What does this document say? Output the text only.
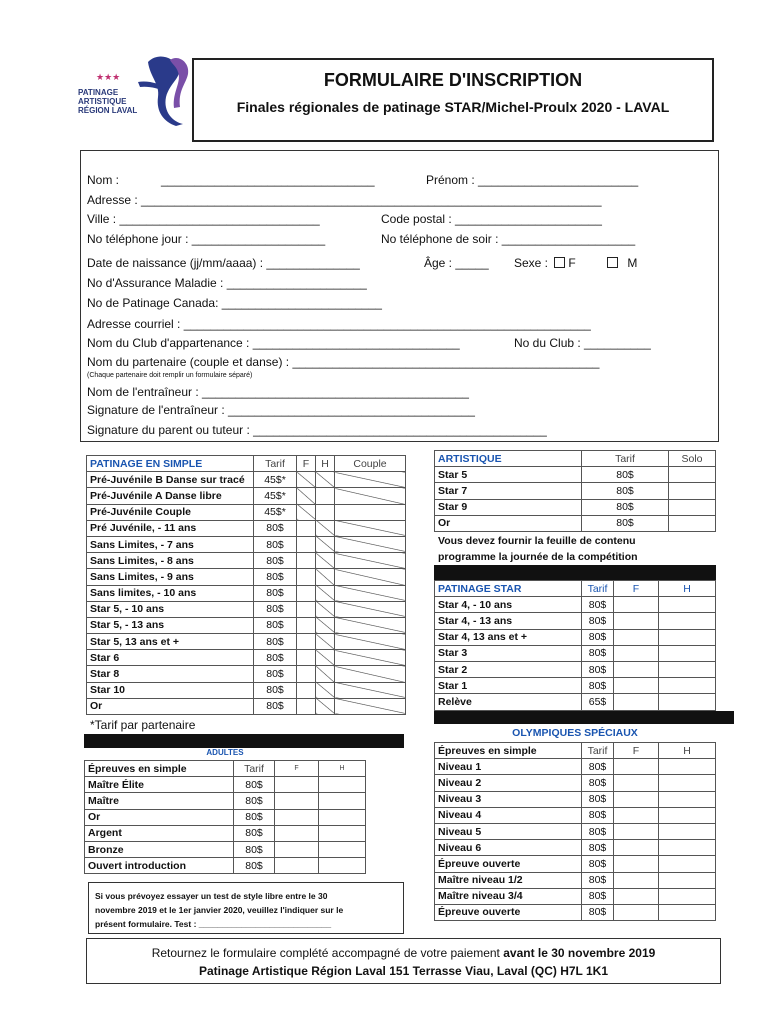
★★★
PATINAGE
ARTISTIQUE
RÉGION LAVAL
FORMULAIRE D'INSCRIPTION
Finales régionales de patinage STAR/Michel-Proulx 2020 - LAVAL
Nom :	________________________________	Prénom : ________________________
Adresse : _____________________________________________________________________
Ville : ______________________________	Code postal : ______________________
No téléphone jour : ____________________	No téléphone de soir : ____________________
Date de naissance (jj/mm/aaaa) : ______________	Âge : _____ Sexe : F	M
No d'Assurance Maladie : _____________________
No de Patinage Canada: ________________________
Adresse courriel : _____________________________________________________________
Nom du Club d'appartenance : _______________________________	No du Club : __________
Nom du partenaire (couple et danse) : ______________________________________________
(Chaque partenaire doit remplir un formulaire séparé)
Nom de l'entraîneur : ________________________________________
Signature de l'entraîneur : _____________________________________
Signature du parent ou tuteur : ____________________________________________
PATINAGE EN SIMPLE	Tarif	F	H	Couple
Pré-Juvénile B Danse sur tracé	45$*			
Pré-Juvénile A Danse libre	45$*			
Pré-Juvénile Couple	45$*			
Pré Juvénile, - 11 ans	80$			
Sans Limites, - 7 ans	80$			
Sans Limites, - 8 ans	80$			
Sans Limites, - 9 ans	80$			
Sans limites, - 10 ans	80$			
Star 5, - 10 ans	80$			
Star 5, - 13 ans	80$			
Star 5, 13 ans et +	80$			
Star 6	80$			
Star 8	80$			
Star 10	80$			
Or	80$			
*Tarif par partenaire
ADULTES
Épreuves en simple	Tarif	F	H
Maître Élite	80$		
Maître	80$		
Or	80$		
Argent	80$		
Bronze	80$		
Ouvert introduction	80$		
ARTISTIQUE	Tarif	Solo
Star 5	80$	
Star 7	80$	
Star 9	80$	
Or	80$	
Vous devez fournir la feuille de contenu
programme la journée de la compétition
PATINAGE STAR	Tarif	F	H
Star 4, - 10 ans	80$		
Star 4, - 13 ans	80$		
Star 4, 13 ans et +	80$		
Star 3	80$		
Star 2	80$		
Star 1	80$		
Relève	65$		
OLYMPIQUES SPÉCIAUX
Épreuves en simple	Tarif	F	H
Niveau 1	80$		
Niveau 2	80$		
Niveau 3	80$		
Niveau 4	80$		
Niveau 5	80$		
Niveau 6	80$		
Épreuve ouverte	80$		
Maître niveau 1/2	80$		
Maître niveau 3/4	80$		
Épreuve ouverte	80$		
Si vous prévoyez essayer un test de style libre entre le 30
novembre 2019 et le 1er janvier 2020, veuillez l'indiquer sur le
présent formulaire. Test : ____________________________
Retournez le formulaire complété accompagné de votre paiement avant le 30 novembre 2019
Patinage Artistique Région Laval 151 Terrasse Viau, Laval (QC) H7L 1K1
